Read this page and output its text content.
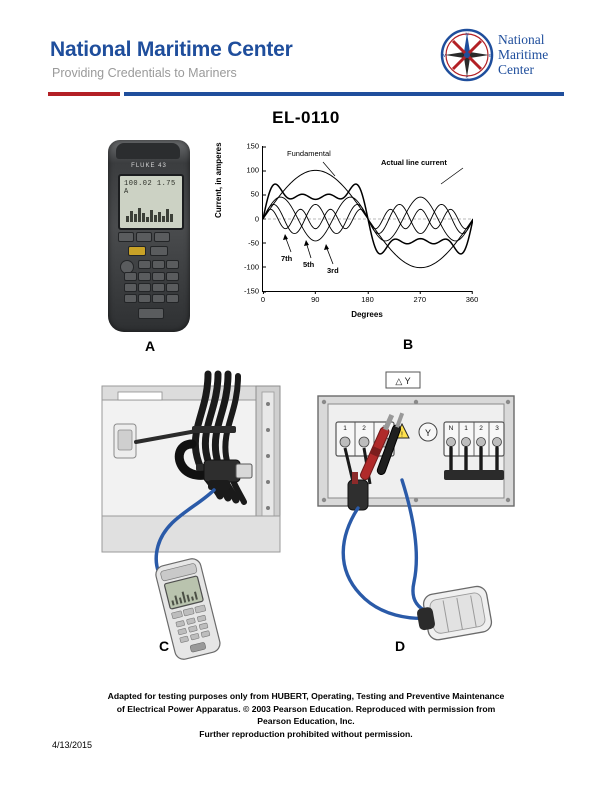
National Maritime Center
Providing Credentials to Mariners
N
S
W	E
National
Maritime
Center
EL-0110
FLUKE 43
100.02 1.75 A
A
Current, in amperes	150
100
50
0
-50
-100
-150
0	90	180	270	360
Fundamental
Actual line current
7th
5th
3rd
Degrees
B
C
△ Y
1 2
! Y	N 1 2 3
D
Adapted for testing purposes only from HUBERT, Operating, Testing and Preventive Maintenance
of Electrical Power Apparatus. © 2003 Pearson Education. Reproduced with permission from
Pearson Education, Inc.
Further reproduction prohibited without permission.
4/13/2015
